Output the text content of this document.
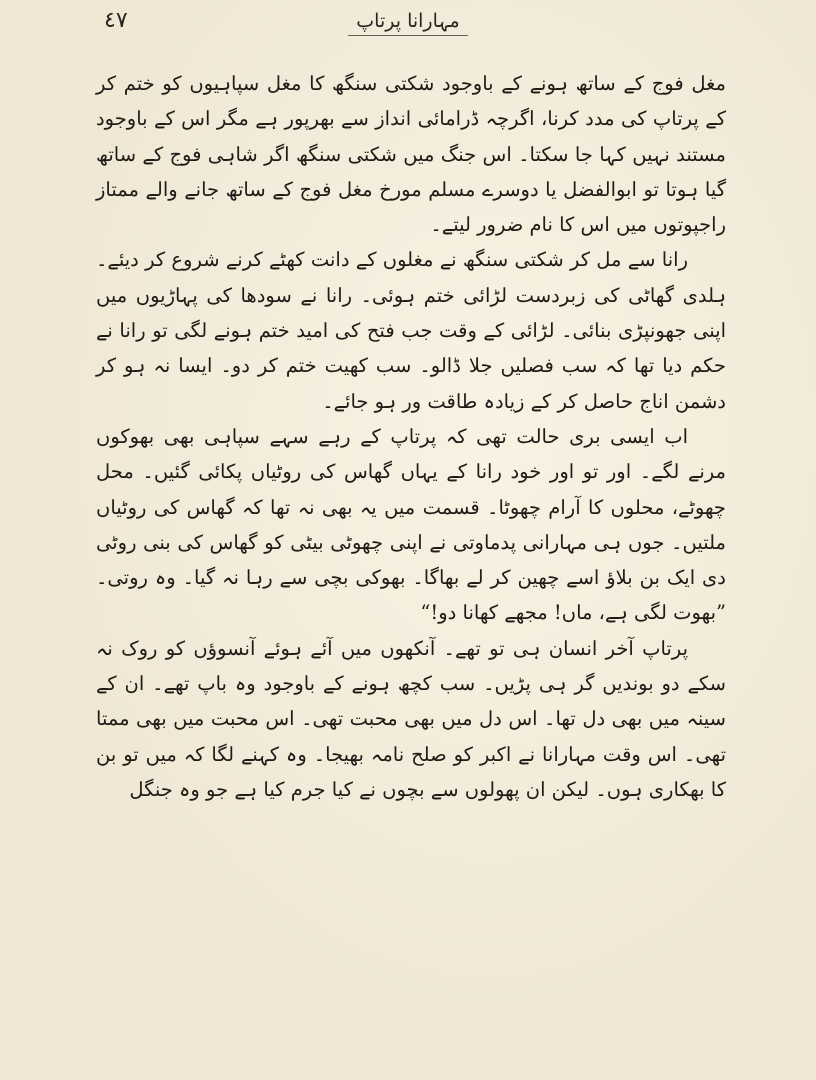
٤٧	مہارانا پرتاپ

مغل فوج کے ساتھ ہونے کے باوجود شکتی سنگھ کا مغل سپاہیوں کو ختم کر کے پرتاپ کی مدد کرنا، اگرچہ ڈرامائی انداز سے بھرپور ہے مگر اس کے باوجود مستند نہیں کہا جا سکتا۔ اس جنگ میں شکتی سنگھ اگر شاہی فوج کے ساتھ گیا ہوتا تو ابوالفضل یا دوسرے مسلم مورخ مغل فوج کے ساتھ جانے والے ممتاز راجپوتوں میں اس کا نام ضرور لیتے۔

رانا سے مل کر شکتی سنگھ نے مغلوں کے دانت کھٹے کرنے شروع کر دیئے۔ ہلدی گھاٹی کی زبردست لڑائی ختم ہوئی۔ رانا نے سودھا کی پہاڑیوں میں اپنی جھونپڑی بنائی۔ لڑائی کے وقت جب فتح کی امید ختم ہونے لگی تو رانا نے حکم دیا تھا کہ سب فصلیں جلا ڈالو۔ سب کھیت ختم کر دو۔ ایسا نہ ہو کر دشمن اناج حاصل کر کے زیادہ طاقت ور ہو جائے۔

اب ایسی بری حالت تھی کہ پرتاپ کے رہے سہے سپاہی بھی بھوکوں مرنے لگے۔ اور تو اور خود رانا کے یہاں گھاس کی روٹیاں پکائی گئیں۔ محل چھوٹے، محلوں کا آرام چھوٹا۔ قسمت میں یہ بھی نہ تھا کہ گھاس کی روٹیاں ملتیں۔ جوں ہی مہارانی پدماوتی نے اپنی چھوٹی بیٹی کو گھاس کی بنی روٹی دی ایک بن بلاؤ اسے چھین کر لے بھاگا۔ بھوکی بچی سے رہا نہ گیا۔ وہ روتی۔ ”بھوت لگی ہے، ماں! مجھے کھانا دو!“

پرتاپ آخر انسان ہی تو تھے۔ آنکھوں میں آئے ہوئے آنسوؤں کو روک نہ سکے دو بوندیں گر ہی پڑیں۔ سب کچھ ہونے کے باوجود وہ باپ تھے۔ ان کے سینہ میں بھی دل تھا۔ اس دل میں بھی محبت تھی۔ اس محبت میں بھی ممتا تھی۔ اس وقت مہارانا نے اکبر کو صلح نامہ بھیجا۔ وہ کہنے لگا کہ میں تو بن کا بھکاری ہوں۔ لیکن ان پھولوں سے بچوں نے کیا جرم کیا ہے جو وہ جنگل
